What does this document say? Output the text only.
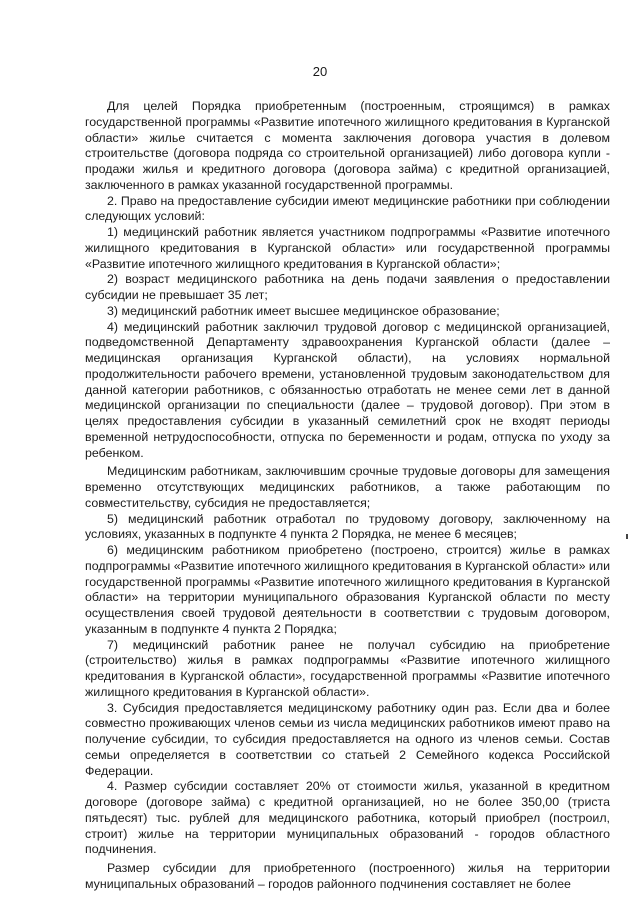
20

Для целей Порядка приобретенным (построенным, строящимся) в рамках государственной программы «Развитие ипотечного жилищного кредитования в Курганской области» жилье считается с момента заключения договора участия в долевом строительстве (договора подряда со строительной организацией) либо договора купли - продажи жилья и кредитного договора (договора займа) с кредитной организацией, заключенного в рамках указанной государственной программы.

2. Право на предоставление субсидии имеют медицинские работники при соблюдении следующих условий:

1) медицинский работник является участником подпрограммы «Развитие ипотечного жилищного кредитования в Курганской области» или государственной программы «Развитие ипотечного жилищного кредитования в Курганской области»;

2) возраст медицинского работника на день подачи заявления о предоставлении субсидии не превышает 35 лет;

3) медицинский работник имеет высшее медицинское образование;

4) медицинский работник заключил трудовой договор с медицинской организацией, подведомственной Департаменту здравоохранения Курганской области (далее – медицинская организация Курганской области), на условиях нормальной продолжительности рабочего времени, установленной трудовым законодательством для данной категории работников, с обязанностью отработать не менее семи лет в данной медицинской организации по специальности (далее – трудовой договор). При этом в целях предоставления субсидии в указанный семилетний срок не входят периоды временной нетрудоспособности, отпуска по беременности и родам, отпуска по уходу за ребенком.

Медицинским работникам, заключившим срочные трудовые договоры для замещения временно отсутствующих медицинских работников, а также работающим по совместительству, субсидия не предоставляется;

5) медицинский работник отработал по трудовому договору, заключенному на условиях, указанных в подпункте 4 пункта 2 Порядка, не менее 6 месяцев;

6) медицинским работником приобретено (построено, строится) жилье в рамках подпрограммы «Развитие ипотечного жилищного кредитования в Курганской области» или государственной программы «Развитие ипотечного жилищного кредитования в Курганской области» на территории муниципального образования Курганской области по месту осуществления своей трудовой деятельности в соответствии с трудовым договором, указанным в подпункте 4 пункта 2 Порядка;

7) медицинский работник ранее не получал субсидию на приобретение (строительство) жилья в рамках подпрограммы «Развитие ипотечного жилищного кредитования в Курганской области», государственной программы «Развитие ипотечного жилищного кредитования в Курганской области».

3. Субсидия предоставляется медицинскому работнику один раз. Если два и более совместно проживающих членов семьи из числа медицинских работников имеют право на получение субсидии, то субсидия предоставляется на одного из членов семьи. Состав семьи определяется в соответствии со статьей 2 Семейного кодекса Российской Федерации.

4. Размер субсидии составляет 20% от стоимости жилья, указанной в кредитном договоре (договоре займа) с кредитной организацией, но не более 350,00 (триста пятьдесят) тыс. рублей для медицинского работника, который приобрел (построил, строит) жилье на территории муниципальных образований - городов областного подчинения.

Размер субсидии для приобретенного (построенного) жилья на территории муниципальных образований – городов районного подчинения составляет не более
